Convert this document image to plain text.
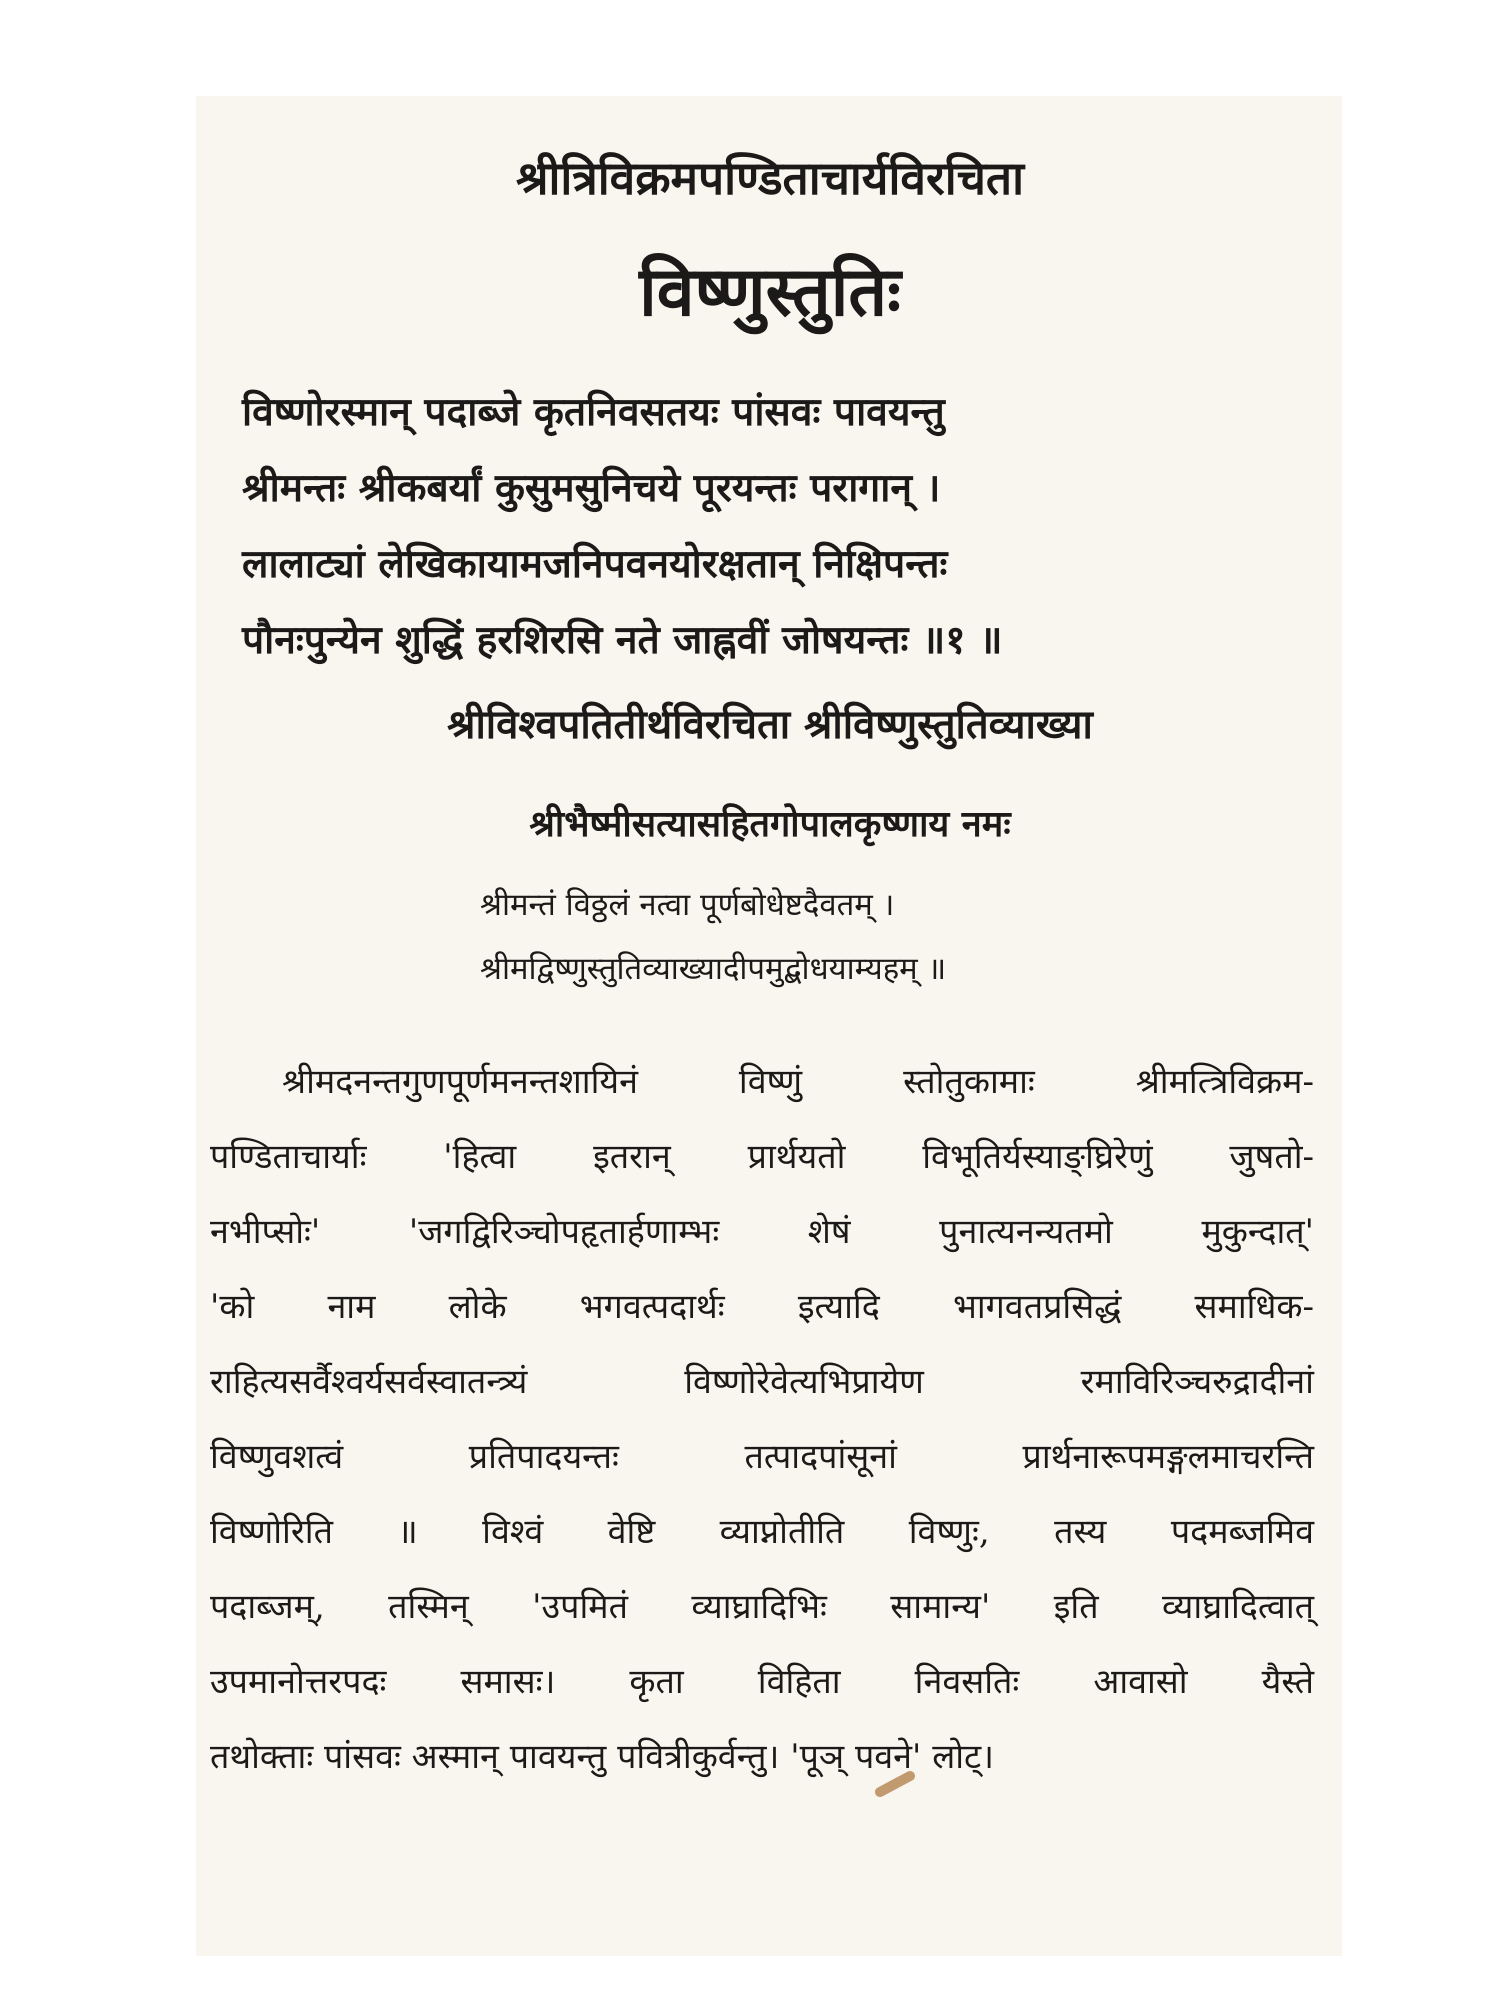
श्रीत्रिविक्रमपण्डिताचार्यविरचिता
विष्णुस्तुतिः
विष्णोरस्मान् पदाब्जे कृतनिवसतयः पांसवः पावयन्तु
श्रीमन्तः श्रीकबर्यां कुसुमसुनिचये पूरयन्तः परागान् ।
लालाट्यां लेखिकायामजनिपवनयोरक्षतान् निक्षिपन्तः
पौनःपुन्येन शुद्धिं हरशिरसि नते जाह्नवीं जोषयन्तः ॥१ ॥
श्रीविश्वपतितीर्थविरचिता श्रीविष्णुस्तुतिव्याख्या
श्रीभैष्मीसत्यासहितगोपालकृष्णाय नमः
श्रीमन्तं विठ्ठलं नत्वा पूर्णबोधेष्टदैवतम् ।
श्रीमद्विष्णुस्तुतिव्याख्यादीपमुद्बोधयाम्यहम् ॥
श्रीमदनन्तगुणपूर्णमनन्तशायिनं विष्णुं स्तोतुकामाः श्रीमत्त्रिविक्रम-
पण्डिताचार्याः 'हित्वा इतरान् प्रार्थयतो विभूतिर्यस्याङ्घ्रिरेणुं जुषतो-
नभीप्सोः' 'जगद्विरिञ्चोपहृतार्हणाम्भः शेषं पुनात्यनन्यतमो मुकुन्दात्'
'को नाम लोके भगवत्पदार्थः इत्यादि भागवतप्रसिद्धं समाधिक-
राहित्यसर्वैश्वर्यसर्वस्वातन्त्र्यं विष्णोरेवेत्यभिप्रायेण रमाविरिञ्चरुद्रादीनां
विष्णुवशत्वं प्रतिपादयन्तः तत्पादपांसूनां प्रार्थनारूपमङ्गलमाचरन्ति
विष्णोरिति ॥ विश्वं वेष्टि व्याप्नोतीति विष्णुः, तस्य पदमब्जमिव
पदाब्जम्, तस्मिन् 'उपमितं व्याघ्रादिभिः सामान्य' इति व्याघ्रादित्वात्
उपमानोत्तरपदः समासः। कृता विहिता निवसतिः आवासो यैस्ते
तथोक्ताः पांसवः अस्मान् पावयन्तु पवित्रीकुर्वन्तु। 'पूञ् पवने' लोट्।
